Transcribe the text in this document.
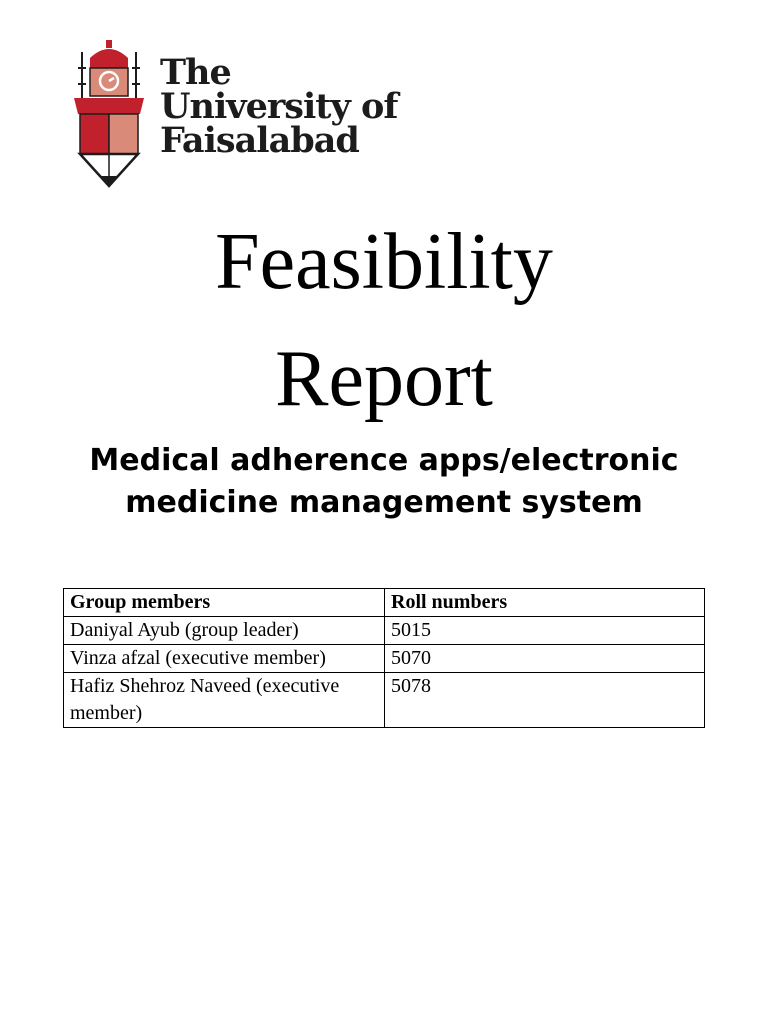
The
University of
Faisalabad
Feasibility
Report
Medical adherence apps/electronic
medicine management system
Group members	Roll numbers
Daniyal Ayub (group leader)	5015
Vinza afzal (executive member)	5070
Hafiz Shehroz Naveed (executive member)	5078
